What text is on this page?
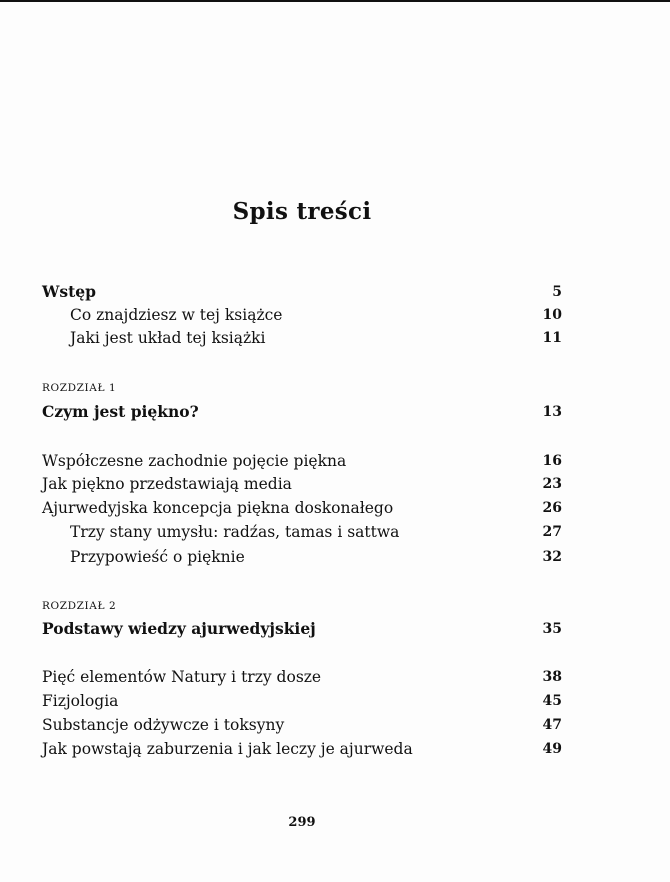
Spis treści
Wstęp	5
Co znajdziesz w tej książce	10
Jaki jest układ tej książki	11
ROZDZIAŁ 1
Czym jest piękno?	13
Współczesne zachodnie pojęcie piękna	16
Jak piękno przedstawiają media	23
Ajurwedyjska koncepcja piękna doskonałego	26
Trzy stany umysłu: radźas, tamas i sattwa	27
Przypowieść o pięknie	32
ROZDZIAŁ 2
Podstawy wiedzy ajurwedyjskiej	35
Pięć elementów Natury i trzy dosze	38
Fizjologia	45
Substancje odżywcze i toksyny	47
Jak powstają zaburzenia i jak leczy je ajurweda	49
299
